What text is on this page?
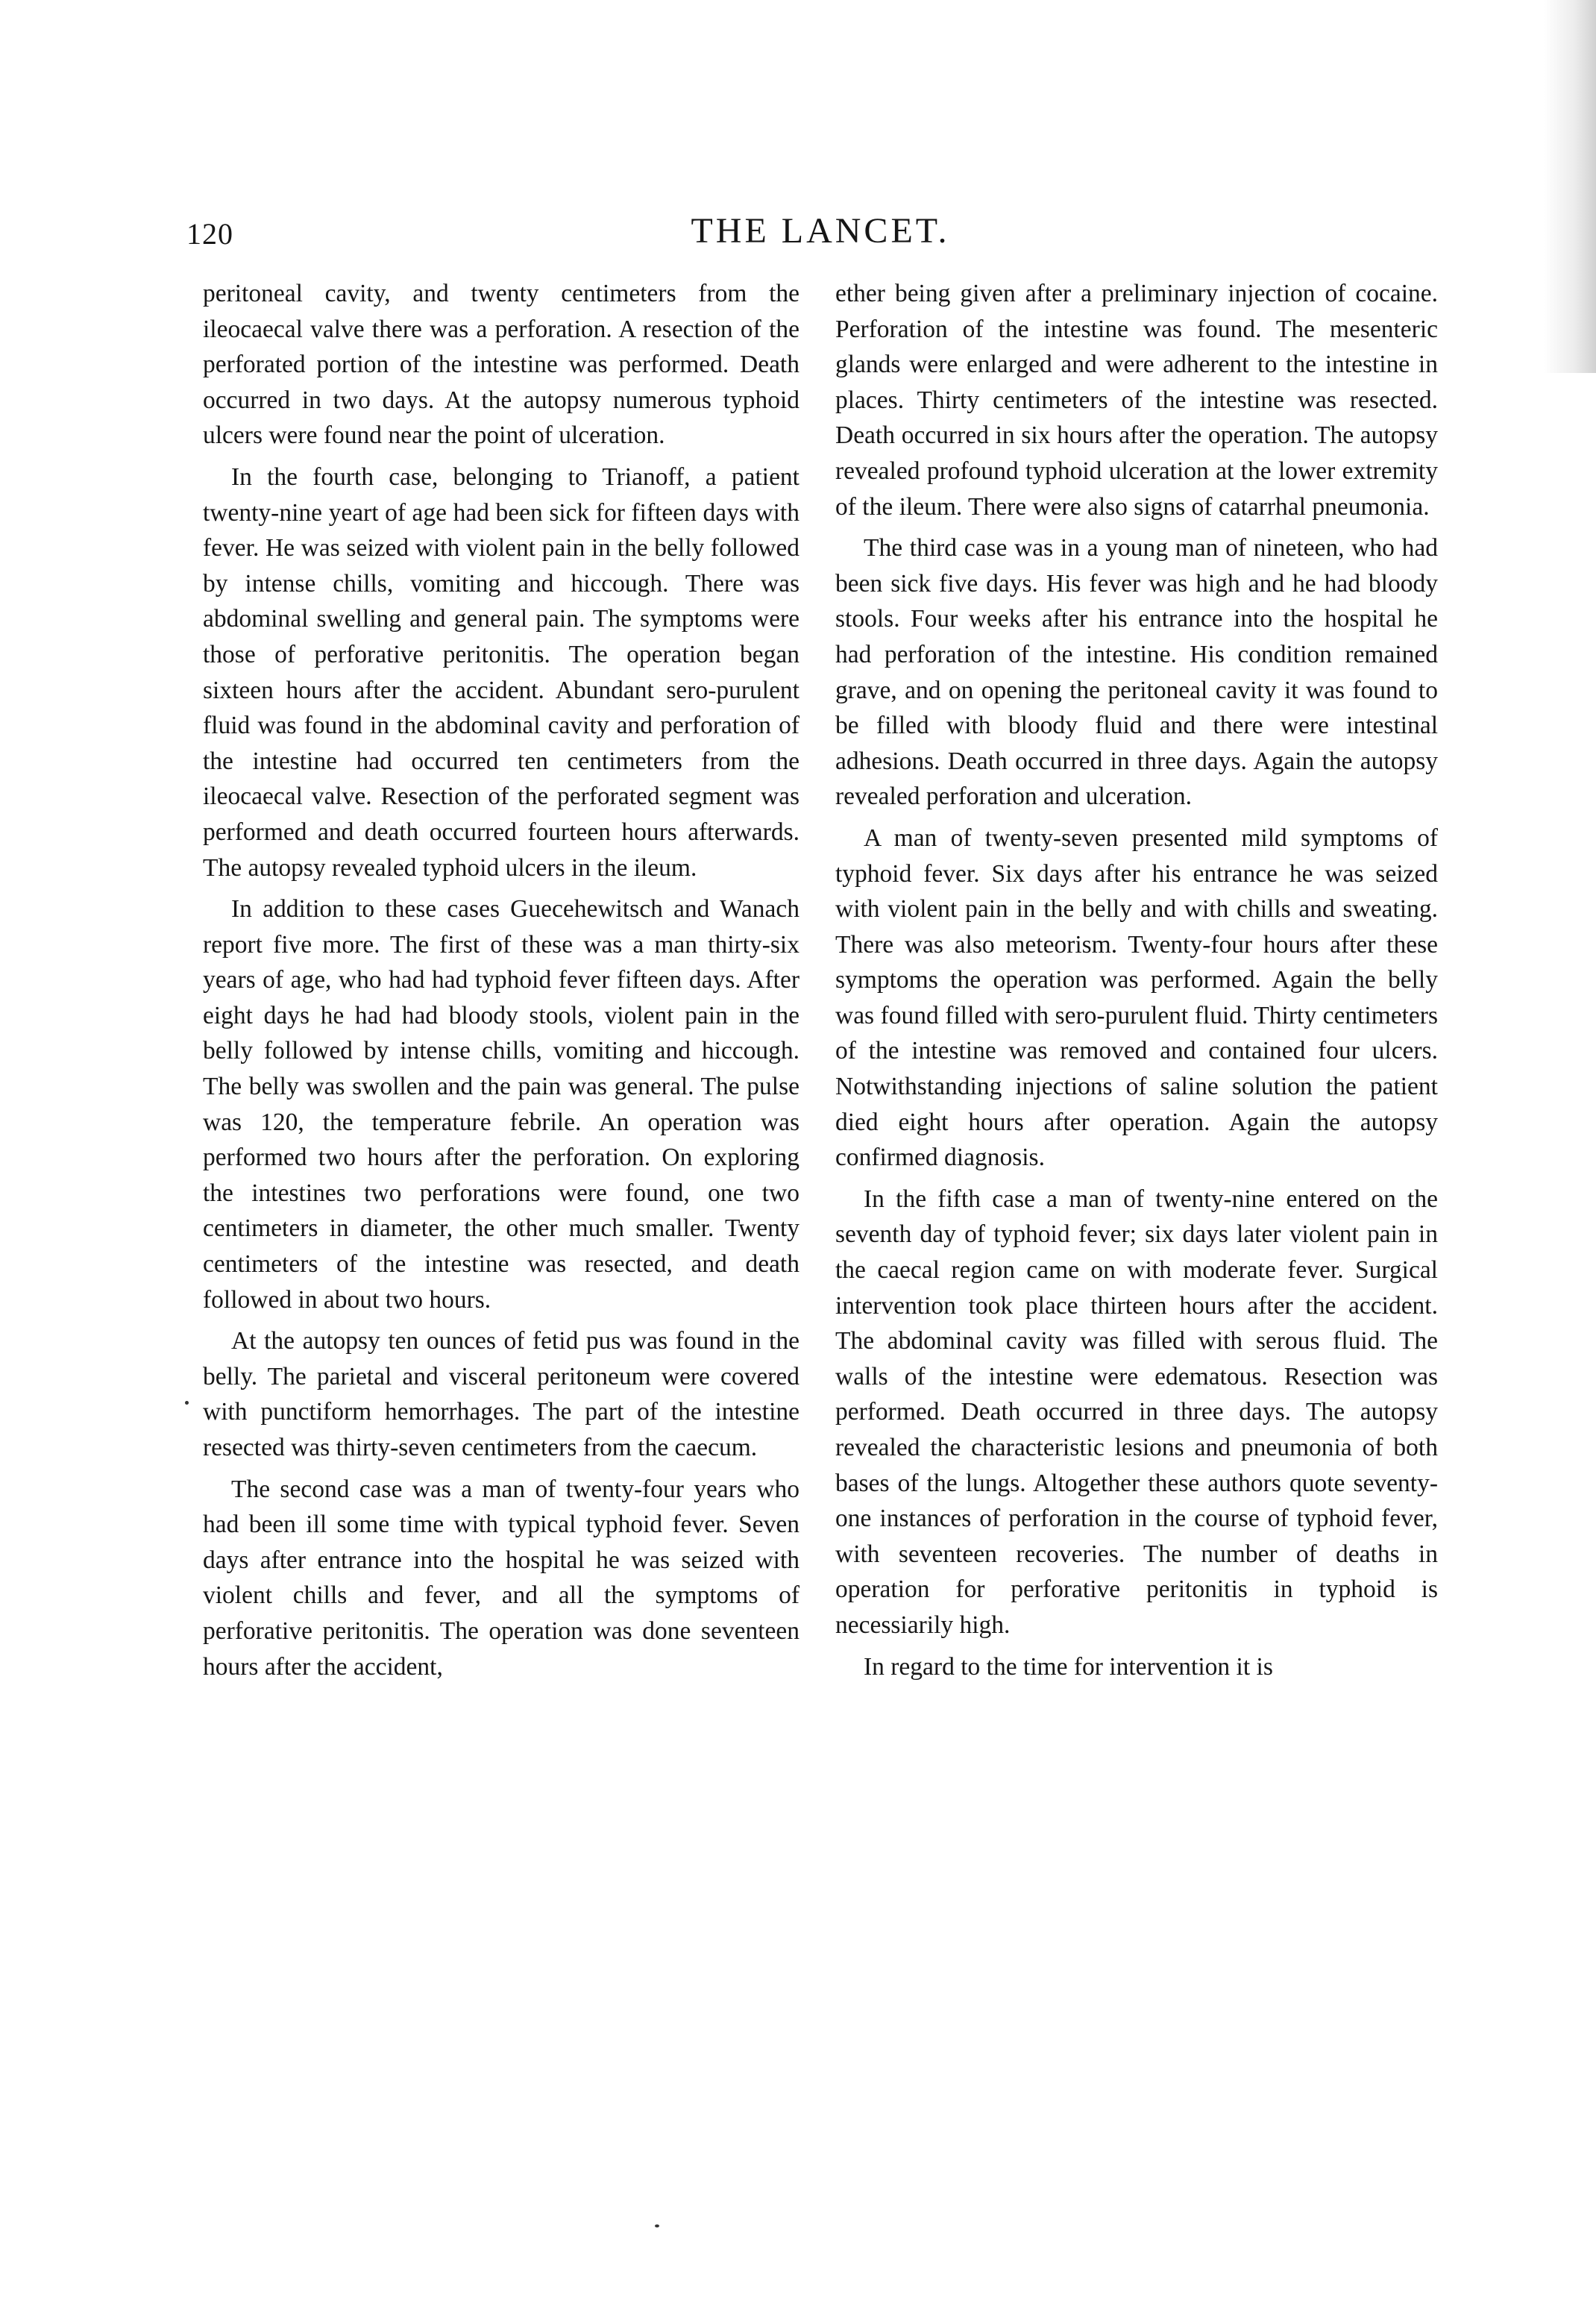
120	THE LANCET.

peritoneal cavity, and twenty centimeters from the ileocaecal valve there was a perforation. A resection of the perforated portion of the intestine was performed. Death occurred in two days. At the autopsy numerous typhoid ulcers were found near the point of ulceration.

In the fourth case, belonging to Trianoff, a patient twenty-nine yeart of age had been sick for fifteen days with fever. He was seized with violent pain in the belly followed by intense chills, vomiting and hiccough. There was abdominal swelling and general pain. The symptoms were those of perforative peritonitis. The operation began sixteen hours after the accident. Abundant sero-purulent fluid was found in the abdominal cavity and perforation of the intestine had occurred ten centimeters from the ileocaecal valve. Resection of the perforated segment was performed and death occurred fourteen hours afterwards. The autopsy revealed typhoid ulcers in the ileum.

In addition to these cases Guecehewitsch and Wanach report five more. The first of these was a man thirty-six years of age, who had had typhoid fever fifteen days. After eight days he had had bloody stools, violent pain in the belly followed by intense chills, vomiting and hiccough. The belly was swollen and the pain was general. The pulse was 120, the temperature febrile. An operation was performed two hours after the perforation. On exploring the intestines two perforations were found, one two centimeters in diameter, the other much smaller. Twenty centimeters of the intestine was resected, and death followed in about two hours.

At the autopsy ten ounces of fetid pus was found in the belly. The parietal and visceral peritoneum were covered with punctiform hemorrhages. The part of the intestine resected was thirty-seven centimeters from the caecum.

The second case was a man of twenty-four years who had been ill some time with typical typhoid fever. Seven days after entrance into the hospital he was seized with violent chills and fever, and all the symptoms of perforative peritonitis. The operation was done seventeen hours after the accident,

ether being given after a preliminary injection of cocaine. Perforation of the intestine was found. The mesenteric glands were enlarged and were adherent to the intestine in places. Thirty centimeters of the intestine was resected. Death occurred in six hours after the operation. The autopsy revealed profound typhoid ulceration at the lower extremity of the ileum. There were also signs of catarrhal pneumonia.

The third case was in a young man of nineteen, who had been sick five days. His fever was high and he had bloody stools. Four weeks after his entrance into the hospital he had perforation of the intestine. His condition remained grave, and on opening the peritoneal cavity it was found to be filled with bloody fluid and there were intestinal adhesions. Death occurred in three days. Again the autopsy revealed perforation and ulceration.

A man of twenty-seven presented mild symptoms of typhoid fever. Six days after his entrance he was seized with violent pain in the belly and with chills and sweating. There was also meteorism. Twenty-four hours after these symptoms the operation was performed. Again the belly was found filled with sero-purulent fluid. Thirty centimeters of the intestine was removed and contained four ulcers. Notwithstanding injections of saline solution the patient died eight hours after operation. Again the autopsy confirmed diagnosis.

In the fifth case a man of twenty-nine entered on the seventh day of typhoid fever; six days later violent pain in the caecal region came on with moderate fever. Surgical intervention took place thirteen hours after the accident. The abdominal cavity was filled with serous fluid. The walls of the intestine were edematous. Resection was performed. Death occurred in three days. The autopsy revealed the characteristic lesions and pneumonia of both bases of the lungs. Altogether these authors quote seventy-one instances of perforation in the course of typhoid fever, with seventeen recoveries. The number of deaths in operation for perforative peritonitis in typhoid is necessiarily high.

In regard to the time for intervention it is
